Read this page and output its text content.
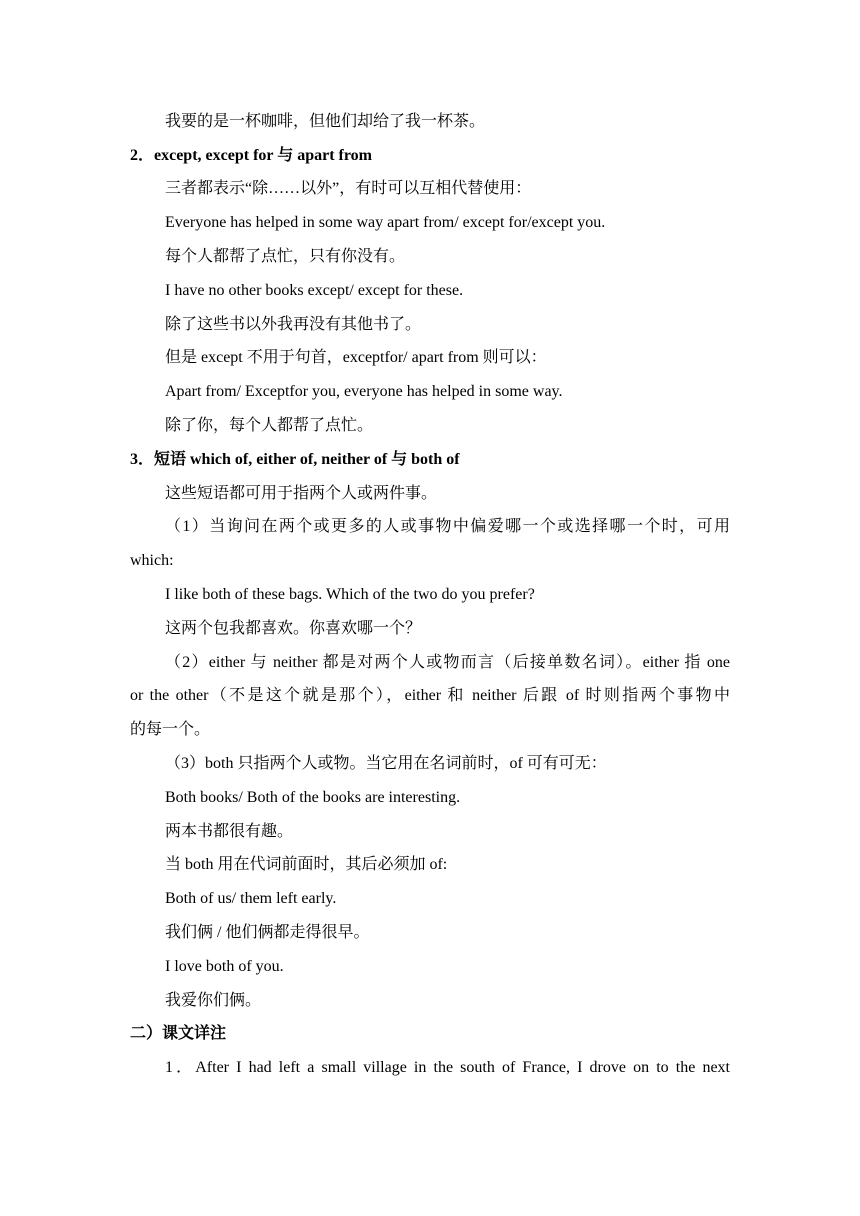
我要的是一杯咖啡，但他们却给了我一杯茶。
2．except, except for 与 apart from
三者都表示“除……以外”，有时可以互相代替使用：
Everyone has helped in some way apart from/ except for/except you.
每个人都帮了点忙，只有你没有。
I have no other books except/ except for these.
除了这些书以外我再没有其他书了。
但是 except 不用于句首，exceptfor/ apart from 则可以：
Apart from/ Exceptfor you, everyone has helped in some way.
除了你，每个人都帮了点忙。
3．短语 which of, either of, neither of 与 both of
这些短语都可用于指两个人或两件事。
（1）当询问在两个或更多的人或事物中偏爱哪一个或选择哪一个时，可用
which:
I like both of these bags. Which of the two do you prefer?
这两个包我都喜欢。你喜欢哪一个？
（2）either 与 neither 都是对两个人或物而言（后接单数名词）。either 指 one
or the other（不是这个就是那个），either 和 neither 后跟 of 时则指两个事物中
的每一个。
（3）both 只指两个人或物。当它用在名词前时，of 可有可无：
Both books/ Both of the books are interesting.
两本书都很有趣。
当 both 用在代词前面时，其后必须加 of:
Both of us/ them left early.
我们俩 / 他们俩都走得很早。
I love both of you.
我爱你们俩。
二）课文详注
1．After I had left a small village in the south of France, I drove on to the next
